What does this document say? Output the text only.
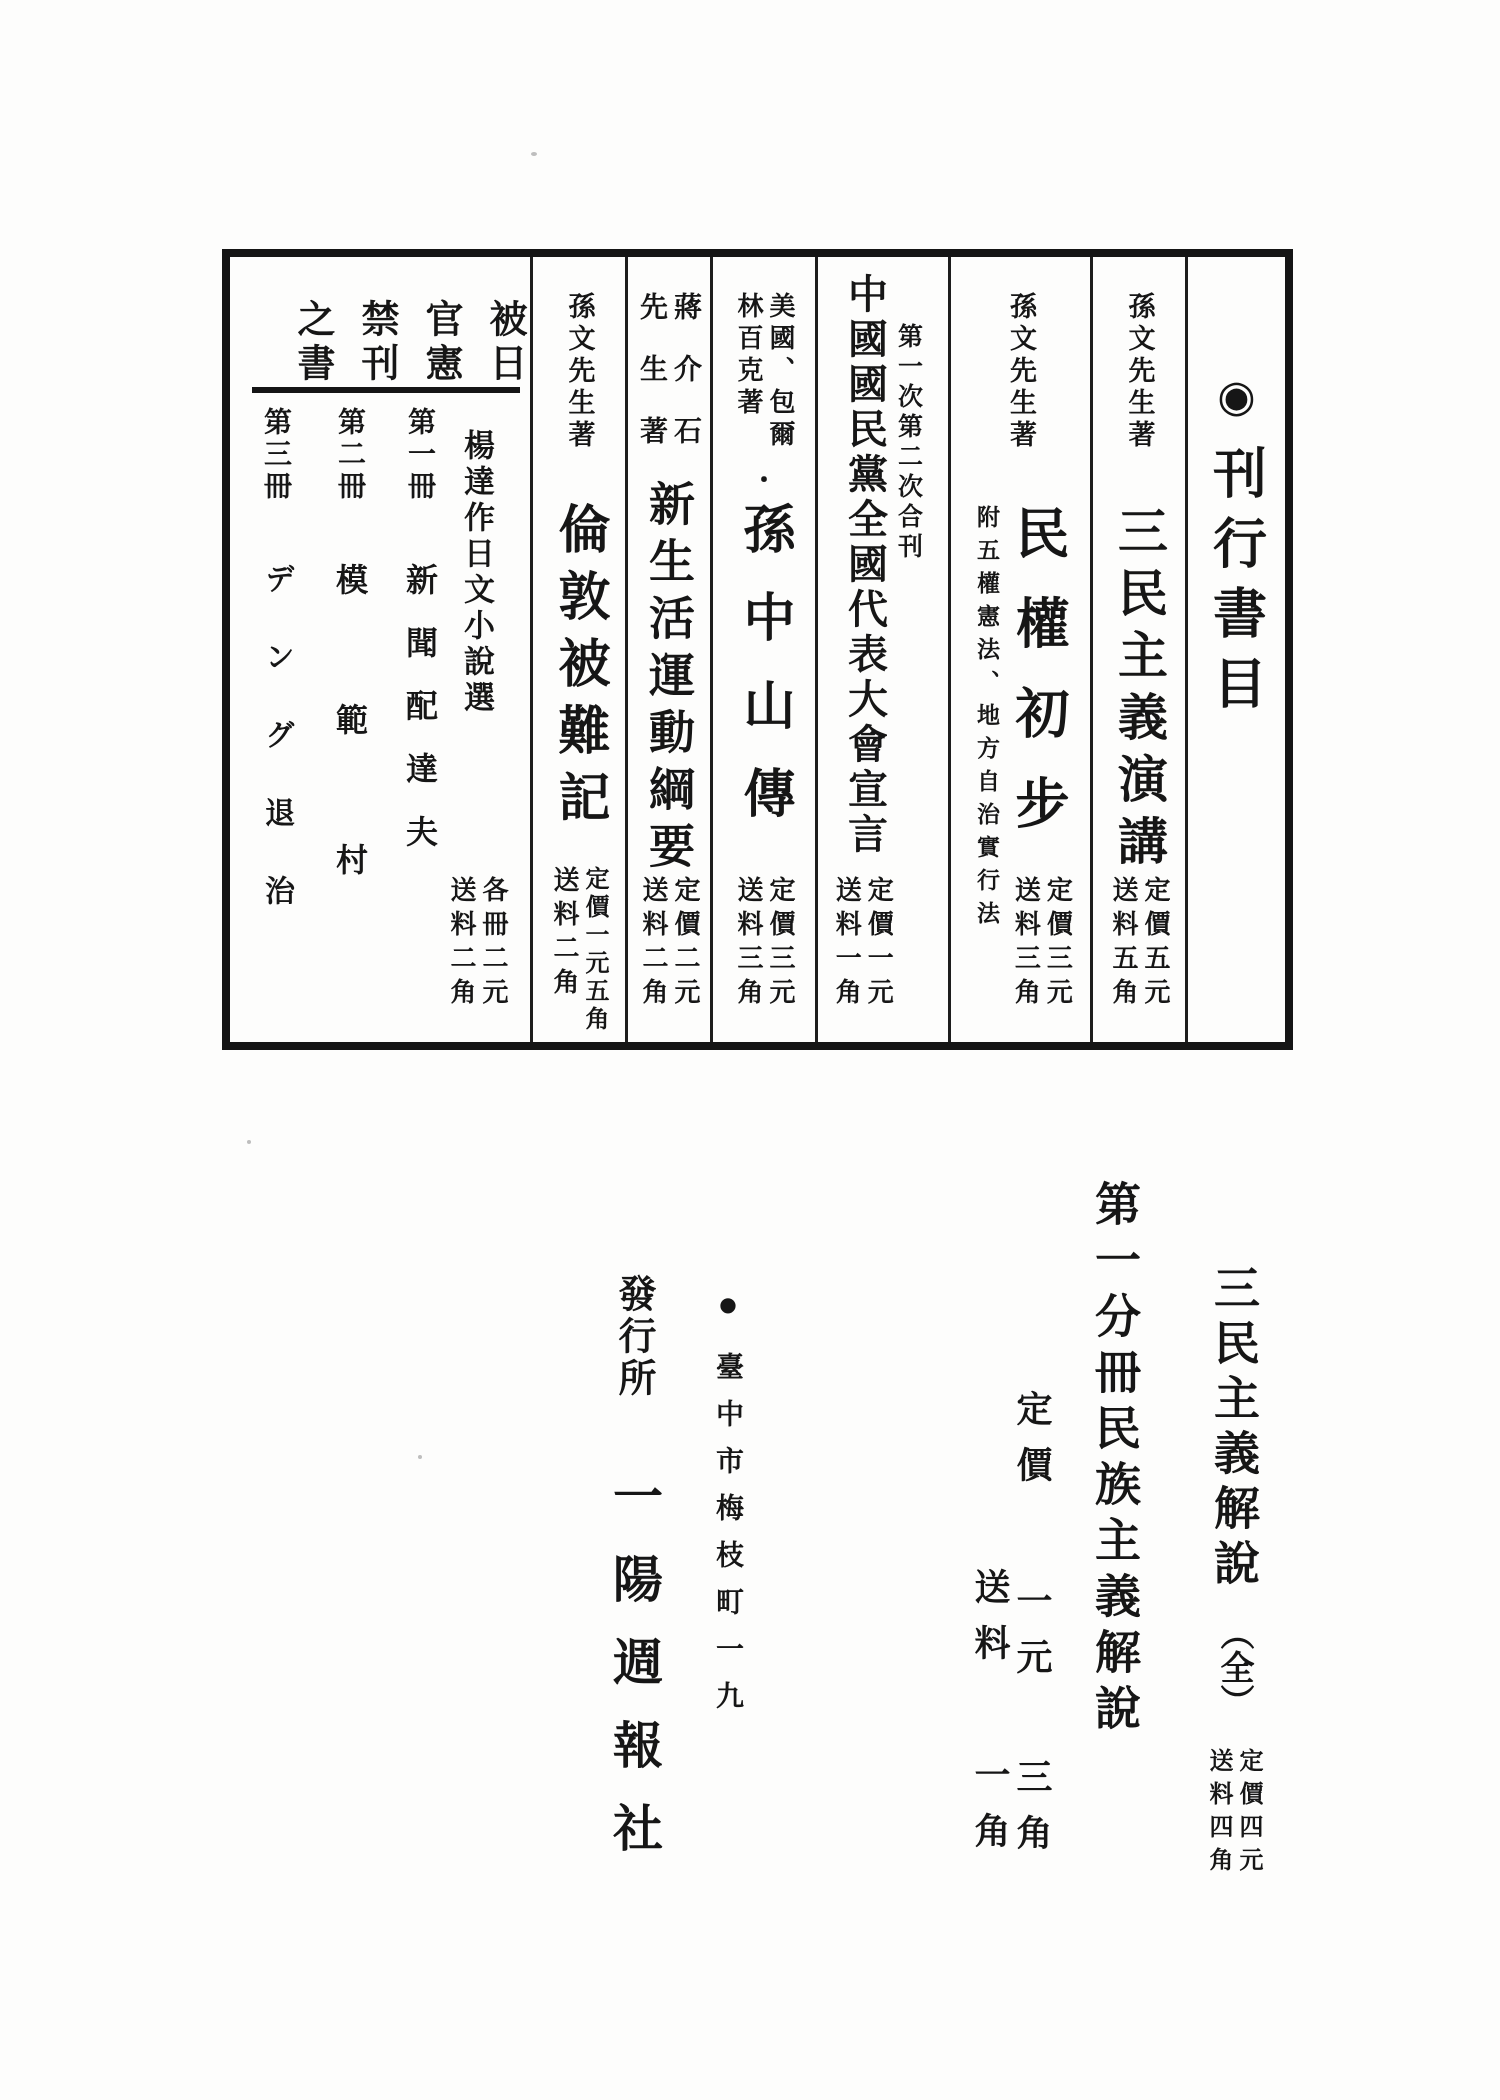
◉
刊行書目
孫文先生著
三民主義演講
定價五元
送料五角
孫文先生著
民權初步
附五權憲法、地方自治實行法
定價三元
送料三角
第一次第二次合刊
中國國民黨全國代表大會宣言
定價一元
送料一角
美國、包爾
林百克著
・
孫中山傳
定價三元
送料三角
蔣介石
先生著
新生活運動綱要
定價二元
送料二角
孫文先生著
倫敦被難記
定價一元五角
送料二角
被日
官憲
禁刊
之書
楊達作日文小說選
各冊二元
送料二角
第一冊
新聞配達夫
第二冊
模範村
第三冊
デング退治
三民主義解說
（全）
定價四元
送料四角
第一分冊民族主義解說
定價
一元
三角
送料
一角
●
臺中市梅枝町一九
發行所
一陽週報社
